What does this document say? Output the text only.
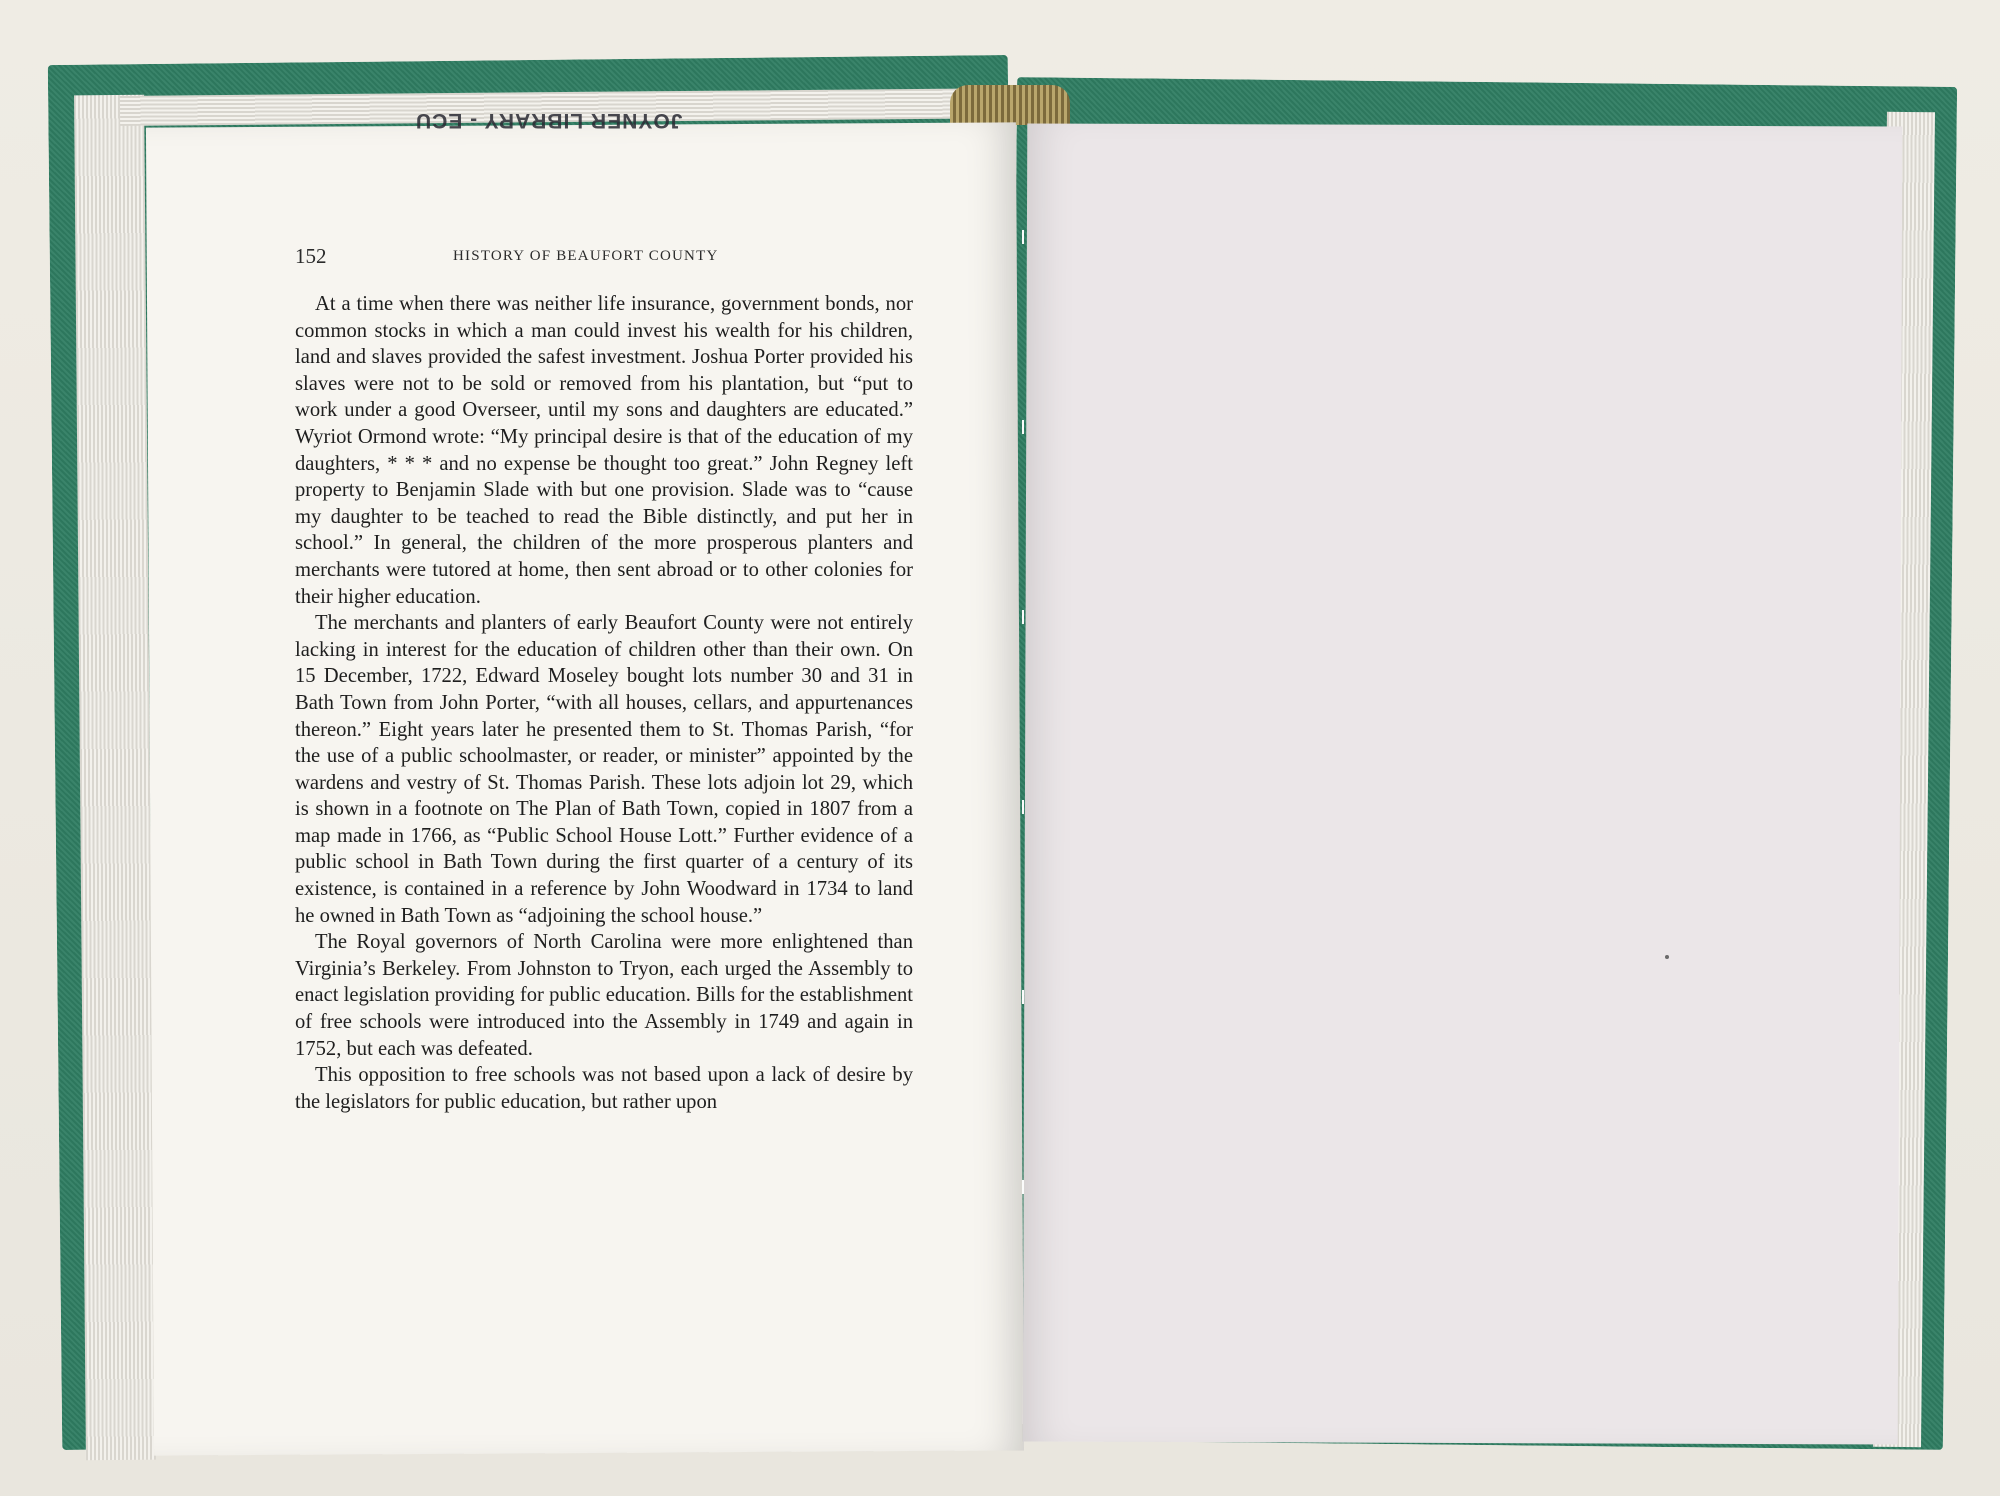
JOYNER LIBRARY - ECU
152	HISTORY OF BEAUFORT COUNTY

At a time when there was neither life insurance, government bonds, nor common stocks in which a man could invest his wealth for his children, land and slaves provided the safest investment. Joshua Porter provided his slaves were not to be sold or removed from his plantation, but “put to work under a good Overseer, until my sons and daughters are educated.” Wyriot Ormond wrote: “My principal desire is that of the education of my daughters, * * * and no expense be thought too great.” John Regney left property to Benjamin Slade with but one provision. Slade was to “cause my daughter to be teached to read the Bible distinctly, and put her in school.” In general, the children of the more prosperous planters and merchants were tutored at home, then sent abroad or to other colonies for their higher education.

The merchants and planters of early Beaufort County were not entirely lacking in interest for the education of children other than their own. On 15 December, 1722, Edward Moseley bought lots number 30 and 31 in Bath Town from John Porter, “with all houses, cellars, and appurtenances thereon.” Eight years later he presented them to St. Thomas Parish, “for the use of a public schoolmaster, or reader, or minister” appointed by the wardens and vestry of St. Thomas Parish. These lots adjoin lot 29, which is shown in a footnote on The Plan of Bath Town, copied in 1807 from a map made in 1766, as “Public School House Lott.” Further evidence of a public school in Bath Town during the first quarter of a century of its existence, is contained in a reference by John Woodward in 1734 to land he owned in Bath Town as “adjoining the school house.”

The Royal governors of North Carolina were more enlightened than Virginia’s Berkeley. From Johnston to Tryon, each urged the Assembly to enact legislation providing for public education. Bills for the establishment of free schools were introduced into the Assembly in 1749 and again in 1752, but each was defeated.

This opposition to free schools was not based upon a lack of desire by the legislators for public education, but rather upon
